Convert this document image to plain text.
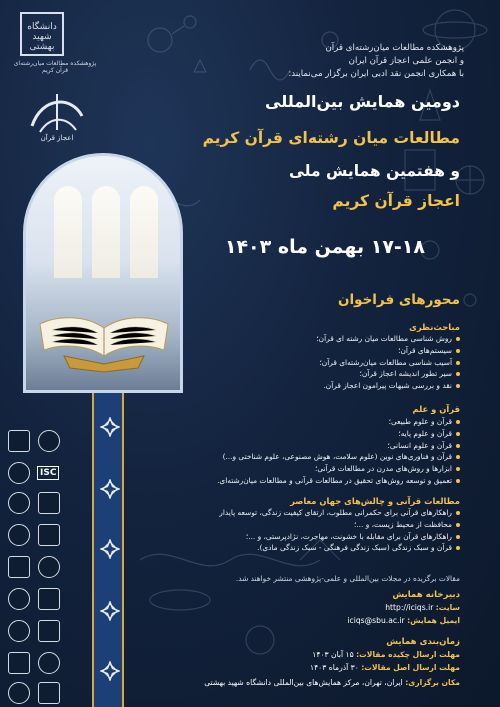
دانشگاه شهید بهشتی
پژوهشکده مطالعات میان‌رشته‌ای قرآن کریم
اعجاز قرآن
پژوهشکده مطالعات میان‌رشته‌ای قرآن
و انجمن علمی اعجاز قرآن ایران
با همکاری انجمن نقد ادبی ایران برگزار می‌نمایند:
دومین همایش بین‌المللی
مطالعات میان رشته‌ای قرآن کریم
و هفتمین همایش ملی
اعجاز قرآن کریم
۱۷-۱۸ بهمن ماه ۱۴۰۳
ISC
محورهای فراخوان
مباحث‌نظری
روش شناسی مطالعات میان رشته ای قرآن؛
سیستم‌های قرآن؛
آسیب شناسی مطالعات میان‌رشته‌ای قرآن؛
سیر تطور اندیشه اعجاز قرآن؛
نقد و بررسی شبهات پیرامون اعجاز قرآن.
قرآن و علم
قرآن و علوم طبیعی؛
قرآن و علوم پایه؛
قرآن و علوم انسانی؛
قرآن و فناوری‌های نوین (علوم سلامت، هوش مصنوعی، علوم شناختی و...)
ابزارها و روش‌های مدرن در مطالعات قرآنی؛
تعمیق و توسعه روش‌های تحقیق در مطالعات قرآنی و مطالعات میان‌رشته‌ای.
مطالعات قرآنی و چالش‌های جهان معاصر
راهکارهای قرآنی برای حکمرانی مطلوب، ارتقای کیفیت زندگی، توسعه پایدار
محافظت از محیط زیست، و ...؛
راهکارهای قرآن برای مقابله با خشونت، مهاجرت، نژادپرستی، و ...؛
قرآن و سبک زندگی (سبک زندگی فرهنگی - سبک زندگی مادی).
مقالات برگزیده در مجلات بین‌المللی و علمی-پژوهشی منتشر خواهند شد.
دبیرخانه همایش
سایت: http://iciqs.ir
ایمیل همایش: iciqs@sbu.ac.ir
زمان‌بندی همایش
مهلت ارسال چکیده مقالات: ۱۵ آبان ۱۴۰۳
مهلت ارسال اصل مقالات: ۳۰ آذرماه ۱۴۰۳
مکان برگزاری: ایران، تهران، مرکز همایش‌های بین‌المللی دانشگاه شهید بهشتی
